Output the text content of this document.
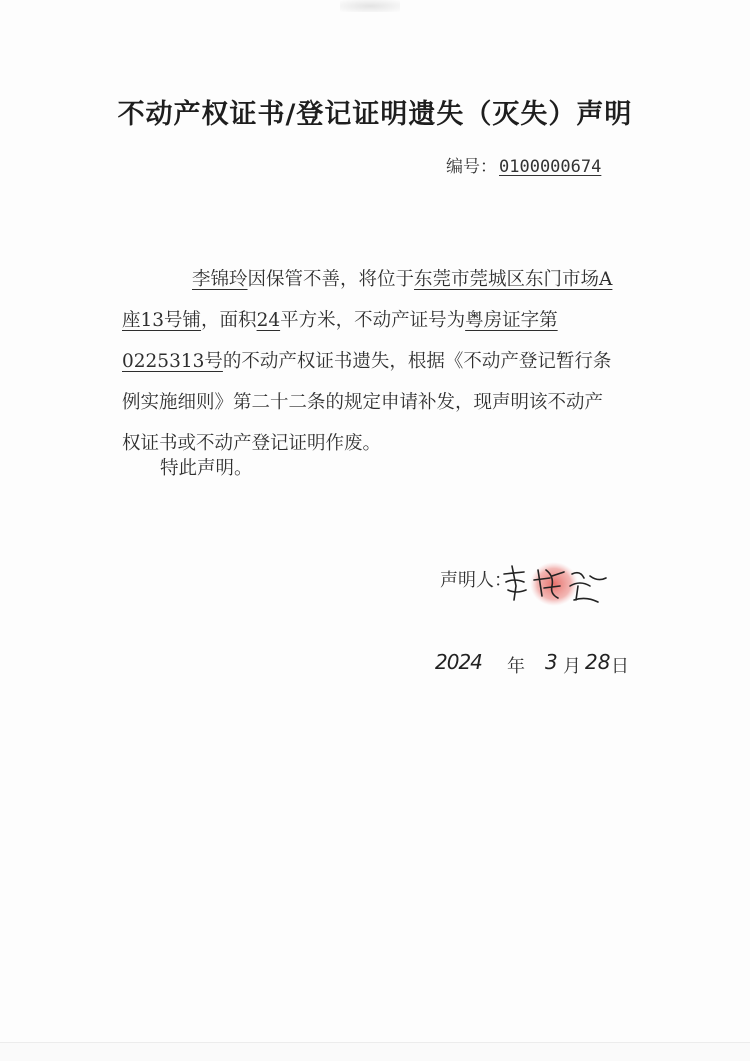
不动产权证书/登记证明遗失（灭失）声明
编号： 0100000674
李锦玲因保管不善，将位于东莞市莞城区东门市场A
座13号铺，面积24平方米，不动产证号为粤房证字第
0225313号的不动产权证书遗失，根据《不动产登记暂行条
例实施细则》第二十二条的规定申请补发，现声明该不动产
权证书或不动产登记证明作废。
特此声明。
声明人：
2024 年 3 月 28 日
